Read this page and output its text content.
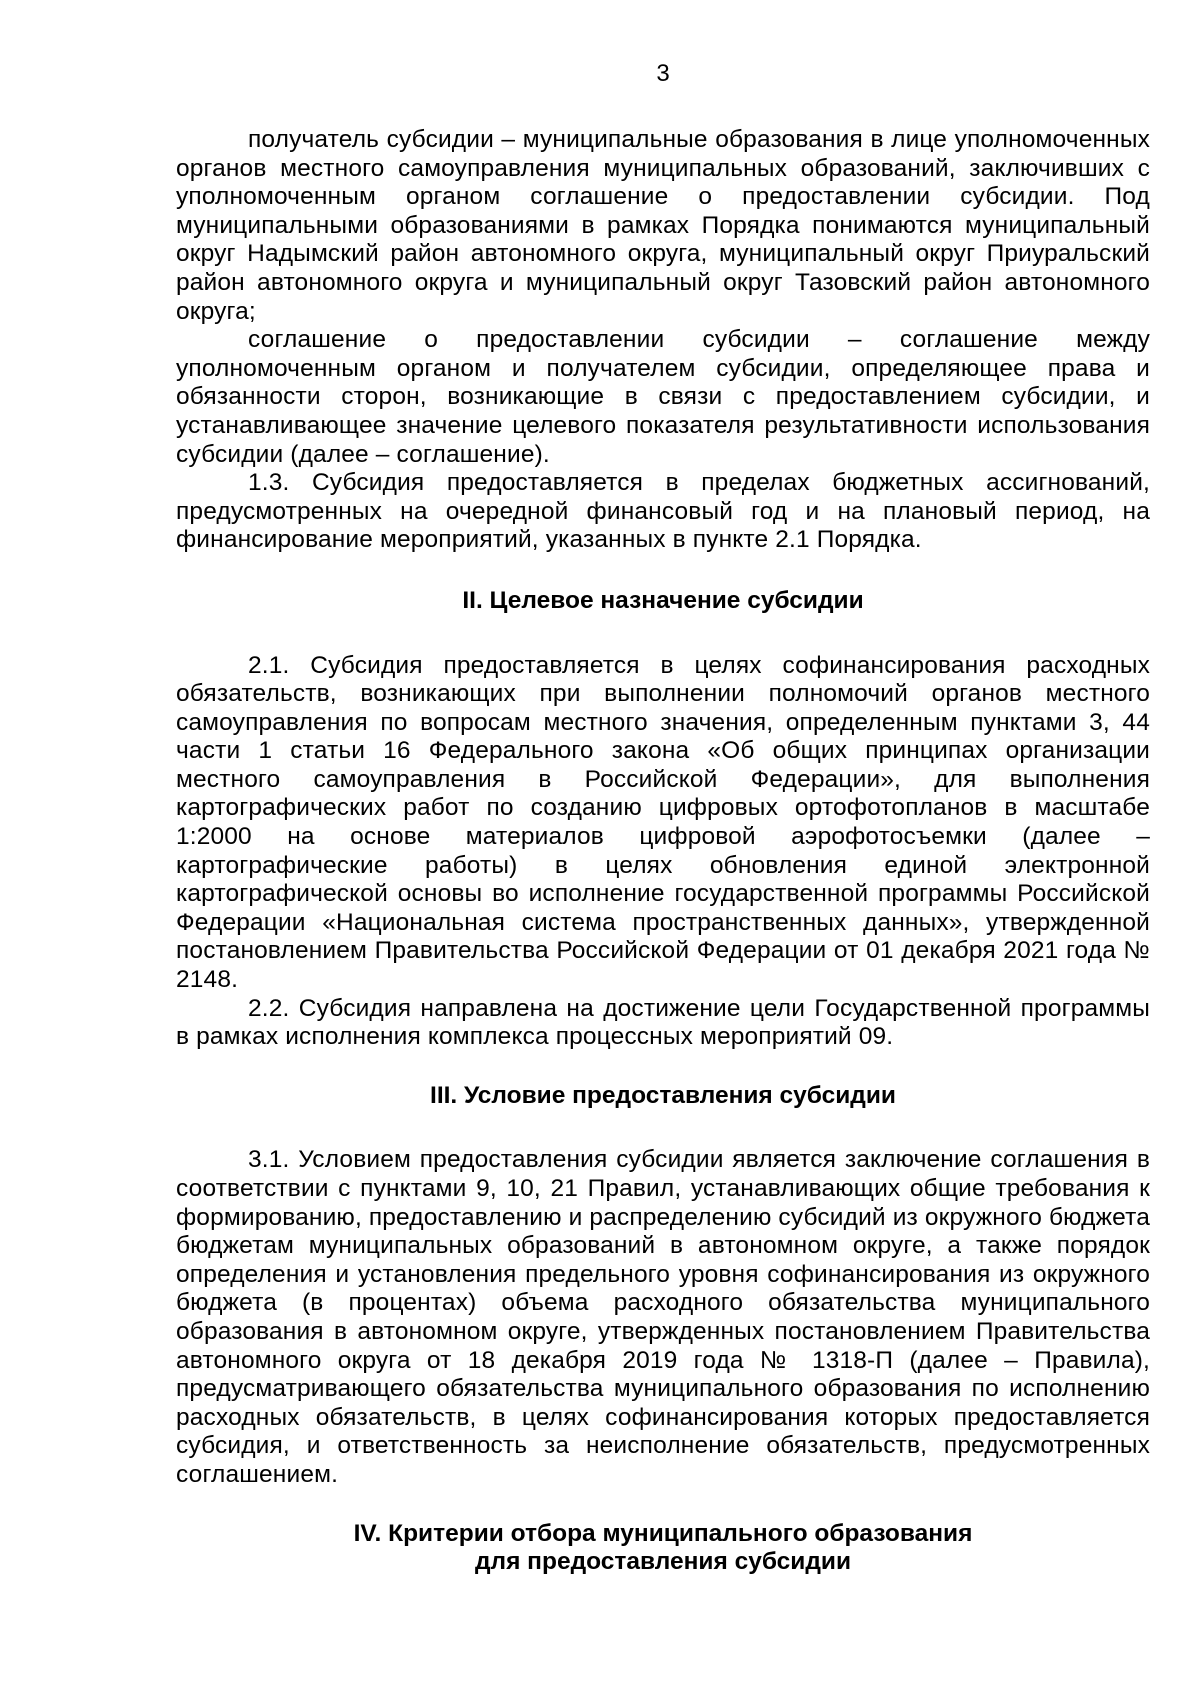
3

получатель субсидии – муниципальные образования в лице уполномоченных органов местного самоуправления муниципальных образований, заключивших с уполномоченным органом соглашение о предоставлении субсидии. Под муниципальными образованиями в рамках Порядка понимаются муниципальный округ Надымский район автономного округа, муниципальный округ Приуральский район автономного округа и муниципальный округ Тазовский район автономного округа;

соглашение о предоставлении субсидии – соглашение между уполномоченным органом и получателем субсидии, определяющее права и обязанности сторон, возникающие в связи с предоставлением субсидии, и устанавливающее значение целевого показателя результативности использования субсидии (далее – соглашение).

1.3. Субсидия предоставляется в пределах бюджетных ассигнований, предусмотренных на очередной финансовый год и на плановый период, на финансирование мероприятий, указанных в пункте 2.1 Порядка.

II. Целевое назначение субсидии

2.1. Субсидия предоставляется в целях софинансирования расходных обязательств, возникающих при выполнении полномочий органов местного самоуправления по вопросам местного значения, определенным пунктами 3, 44 части 1 статьи 16 Федерального закона «Об общих принципах организации местного самоуправления в Российской Федерации», для выполнения картографических работ по созданию цифровых ортофотопланов в масштабе 1:2000 на основе материалов цифровой аэрофотосъемки (далее – картографические работы) в целях обновления единой электронной картографической основы во исполнение государственной программы Российской Федерации «Национальная система пространственных данных», утвержденной постановлением Правительства Российской Федерации от 01 декабря 2021 года № 2148.

2.2. Субсидия направлена на достижение цели Государственной программы в рамках исполнения комплекса процессных мероприятий 09.

III. Условие предоставления субсидии

3.1. Условием предоставления субсидии является заключение соглашения в соответствии с пунктами 9, 10, 21 Правил, устанавливающих общие требования к формированию, предоставлению и распределению субсидий из окружного бюджета бюджетам муниципальных образований в автономном округе, а также порядок определения и установления предельного уровня софинансирования из окружного бюджета (в процентах) объема расходного обязательства муниципального образования в автономном округе, утвержденных постановлением Правительства автономного округа от 18 декабря 2019 года № 1318-П (далее – Правила), предусматривающего обязательства муниципального образования по исполнению расходных обязательств, в целях софинансирования которых предоставляется субсидия, и ответственность за неисполнение обязательств, предусмотренных соглашением.

IV. Критерии отбора муниципального образования
для предоставления субсидии
